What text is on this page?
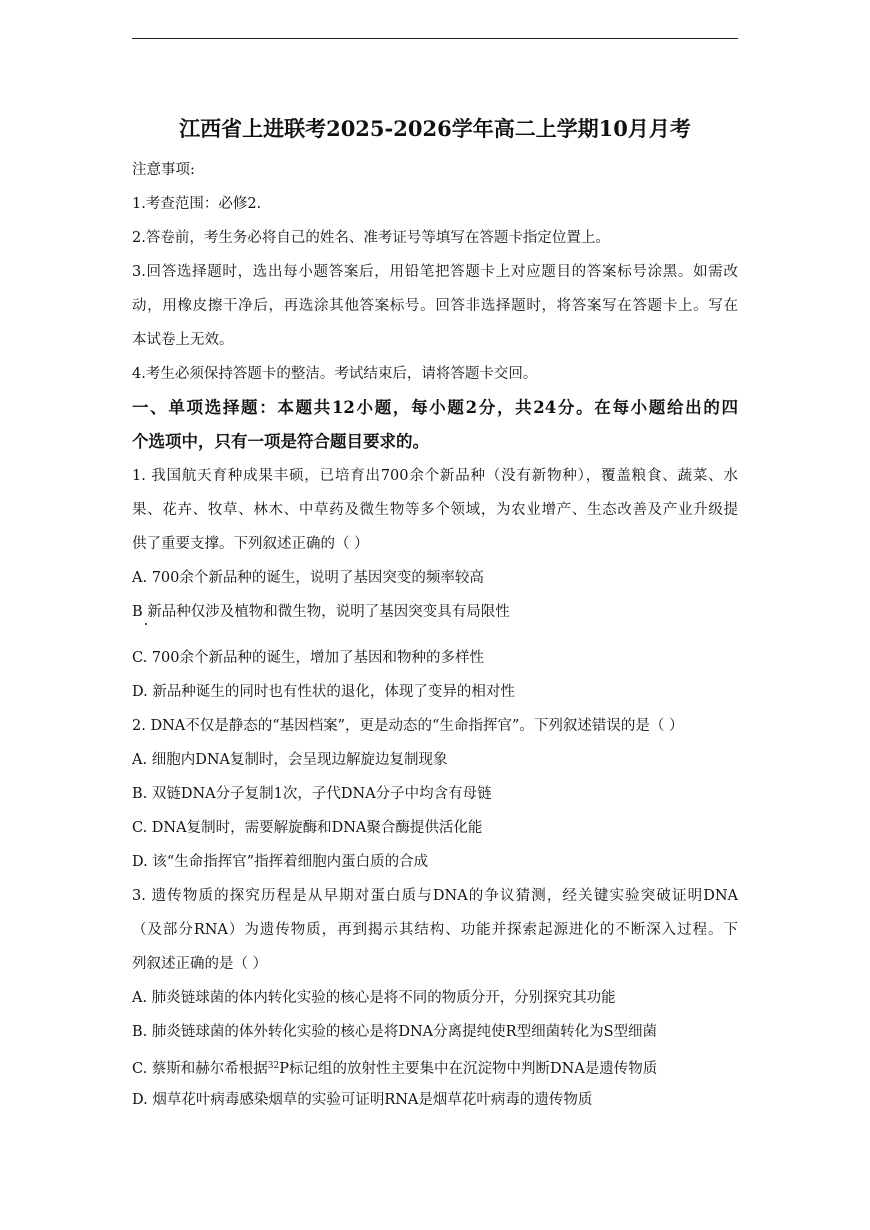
江西省上进联考2025-2026学年高二上学期10月月考
注意事项:
1.考查范围：必修2.
2.答卷前，考生务必将自己的姓名、准考证号等填写在答题卡指定位置上。
3.回答选择题时，选出每小题答案后，用铅笔把答题卡上对应题目的答案标号涂黑。如需改
动，用橡皮擦干净后，再选涂其他答案标号。回答非选择题时，将答案写在答题卡上。写在
本试卷上无效。
4.考生必须保持答题卡的整洁。考试结束后，请将答题卡交回。
一、单项选择题：本题共12小题，每小题2分，共24分。在每小题给出的四
个选项中，只有一项是符合题目要求的。
1. 我国航天育种成果丰硕，已培育出700余个新品种（没有新物种），覆盖粮食、蔬菜、水
果、花卉、牧草、林木、中草药及微生物等多个领域，为农业增产、生态改善及产业升级提
供了重要支撑。下列叙述正确的（ ）
A. 700余个新品种的诞生，说明了基因突变的频率较高
B 新品种仅涉及植物和微生物，说明了基因突变具有局限性
C. 700余个新品种的诞生，增加了基因和物种的多样性
D. 新品种诞生的同时也有性状的退化，体现了变异的相对性
2. DNA不仅是静态的“基因档案”，更是动态的“生命指挥官”。下列叙述错误的是（ ）
A. 细胞内DNA复制时，会呈现边解旋边复制现象
B. 双链DNA分子复制1次，子代DNA分子中均含有母链
C. DNA复制时，需要解旋酶和DNA聚合酶提供活化能
D. 该“生命指挥官”指挥着细胞内蛋白质的合成
3. 遗传物质的探究历程是从早期对蛋白质与DNA的争议猜测，经关键实验突破证明DNA
（及部分RNA）为遗传物质，再到揭示其结构、功能并探索起源进化的不断深入过程。下
列叙述正确的是（ ）
A. 肺炎链球菌的体内转化实验的核心是将不同的物质分开，分别探究其功能
B. 肺炎链球菌的体外转化实验的核心是将DNA分离提纯使R型细菌转化为S型细菌
C. 蔡斯和赫尔希根据$^{32}$P标记组的放射性主要集中在沉淀物中判断DNA是遗传物质
D. 烟草花叶病毒感染烟草的实验可证明RNA是烟草花叶病毒的遗传物质
